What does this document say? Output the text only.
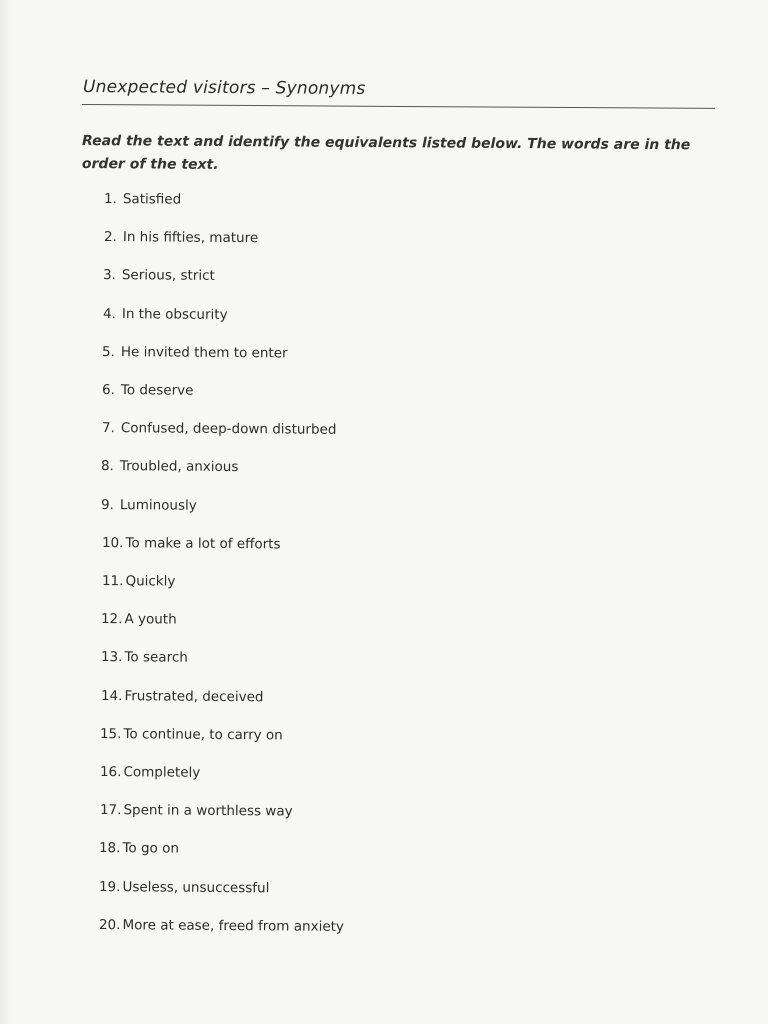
Unexpected visitors – Synonyms
Read the text and identify the equivalents listed below. The words are in the order of the text.
1. Satisfied
2. In his fifties, mature
3. Serious, strict
4. In the obscurity
5. He invited them to enter
6. To deserve
7. Confused, deep-down disturbed
8. Troubled, anxious
9. Luminously
10. To make a lot of efforts
11. Quickly
12. A youth
13. To search
14. Frustrated, deceived
15. To continue, to carry on
16. Completely
17. Spent in a worthless way
18. To go on
19. Useless, unsuccessful
20. More at ease, freed from anxiety
